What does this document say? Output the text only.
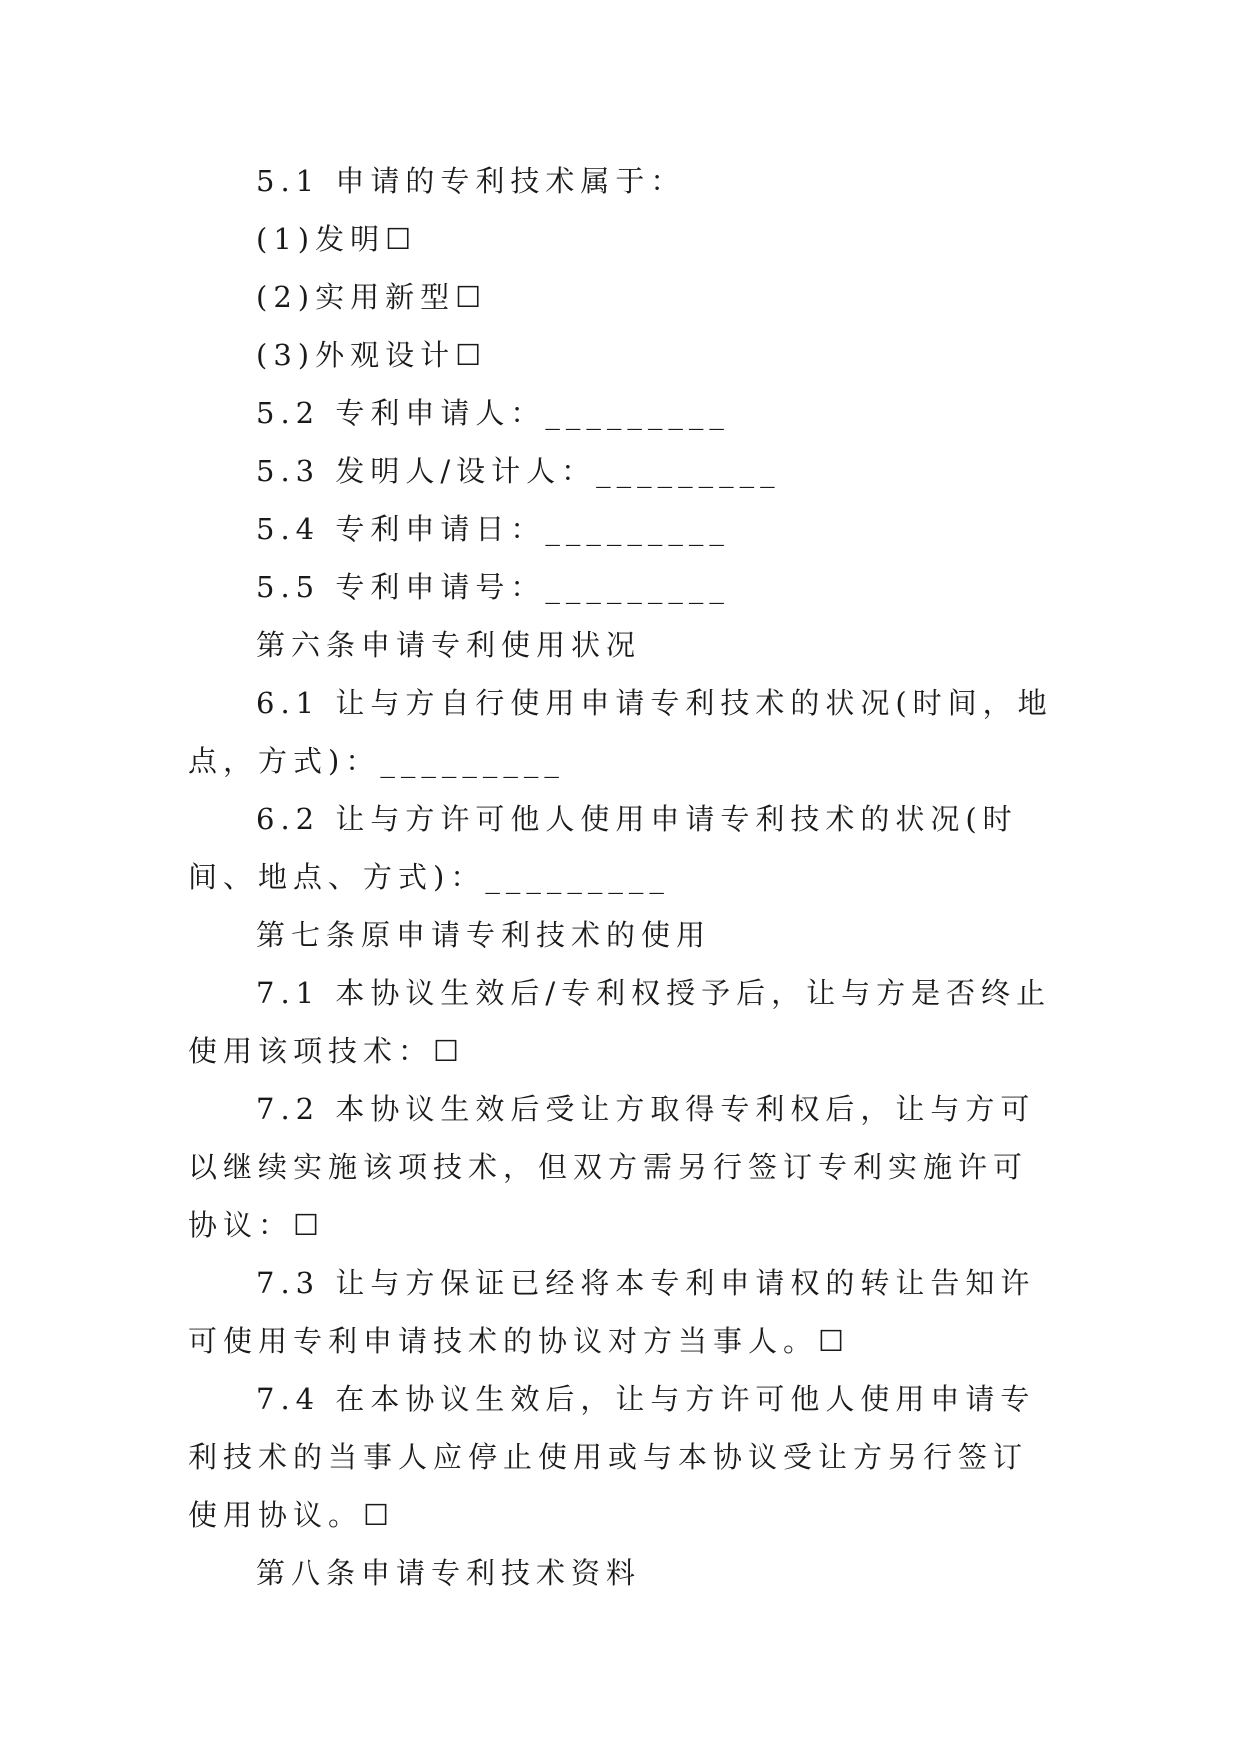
5.1 申请的专利技术属于：

(1)发明☐

(2)实用新型☐

(3)外观设计☐

5.2 专利申请人：_________

5.3 发明人/设计人：_________

5.4 专利申请日：_________

5.5 专利申请号：_________

第六条申请专利使用状况

6.1 让与方自行使用申请专利技术的状况(时间，地点，方式)：_________

6.2 让与方许可他人使用申请专利技术的状况(时间、地点、方式)：_________

第七条原申请专利技术的使用

7.1 本协议生效后/专利权授予后，让与方是否终止使用该项技术：☐

7.2 本协议生效后受让方取得专利权后，让与方可以继续实施该项技术，但双方需另行签订专利实施许可协议：☐

7.3 让与方保证已经将本专利申请权的转让告知许可使用专利申请技术的协议对方当事人。☐

7.4 在本协议生效后，让与方许可他人使用申请专利技术的当事人应停止使用或与本协议受让方另行签订使用协议。☐

第八条申请专利技术资料
